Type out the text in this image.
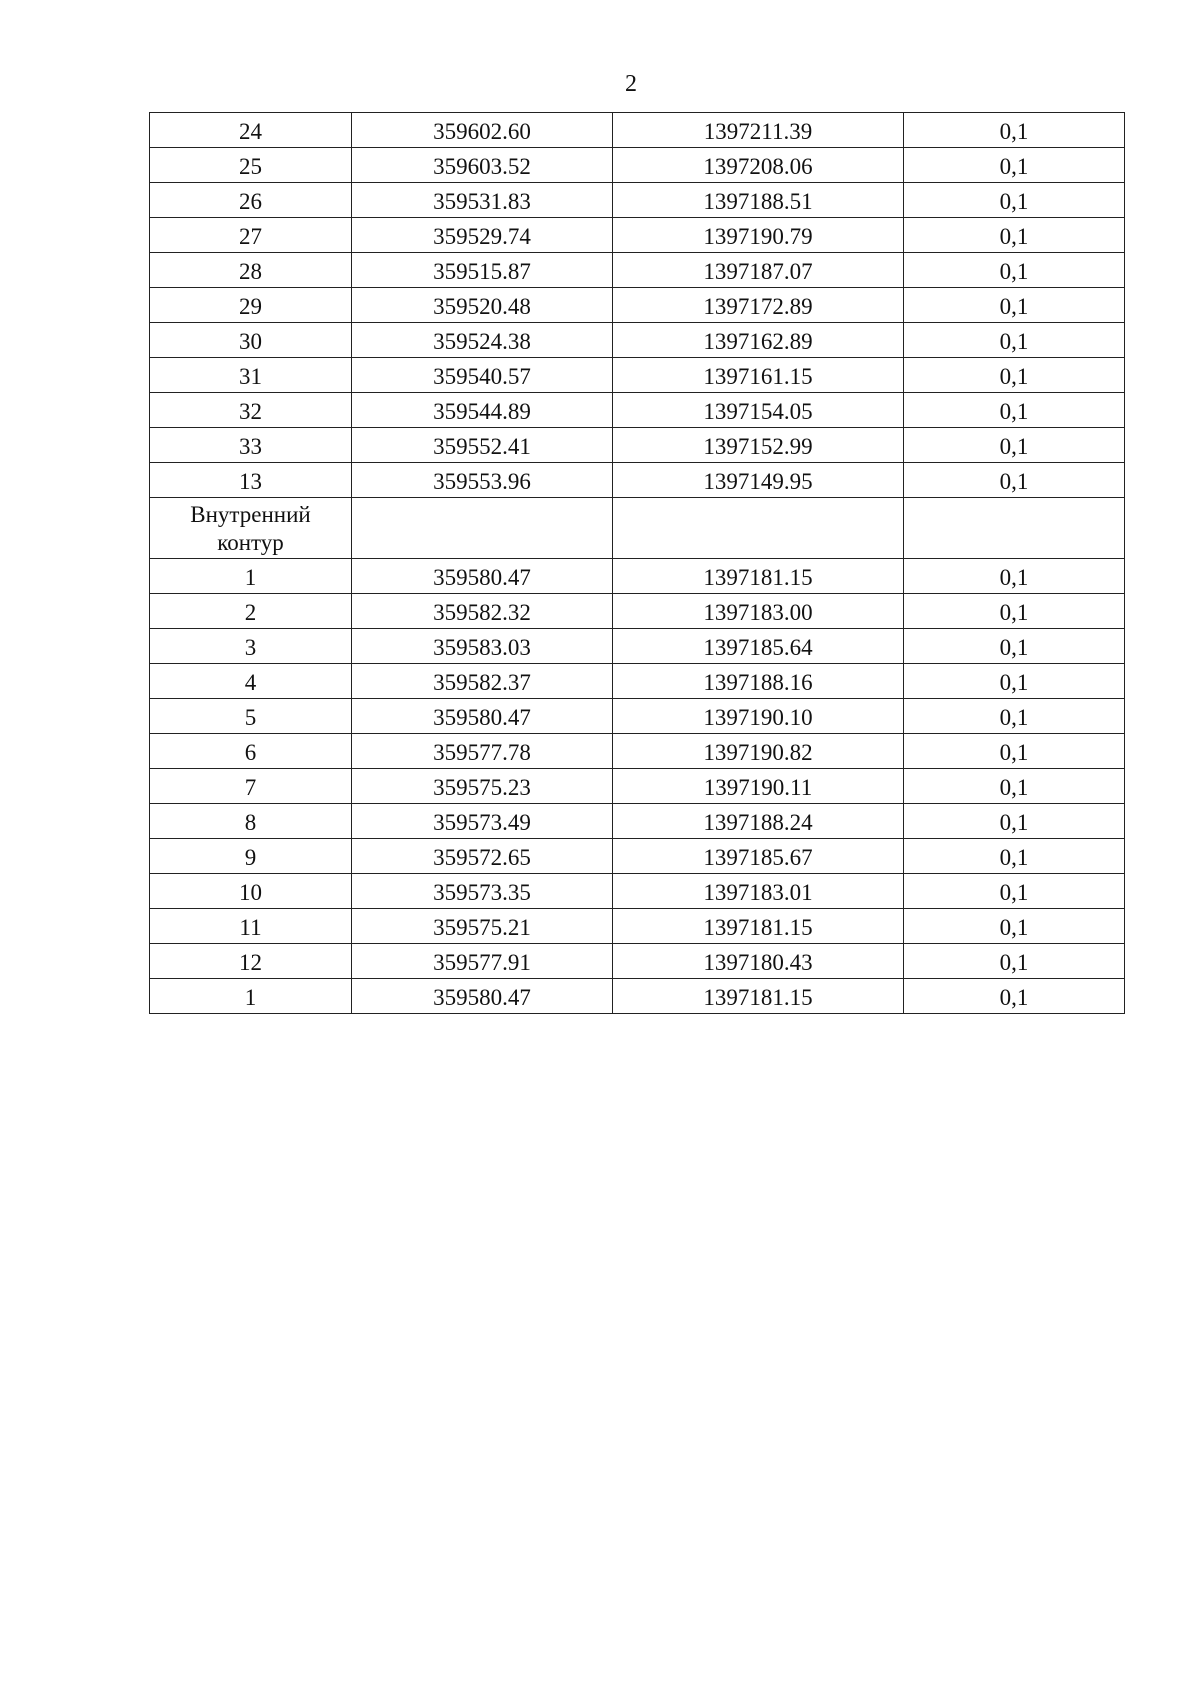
2
24	359602.60	1397211.39	0,1
25	359603.52	1397208.06	0,1
26	359531.83	1397188.51	0,1
27	359529.74	1397190.79	0,1
28	359515.87	1397187.07	0,1
29	359520.48	1397172.89	0,1
30	359524.38	1397162.89	0,1
31	359540.57	1397161.15	0,1
32	359544.89	1397154.05	0,1
33	359552.41	1397152.99	0,1
13	359553.96	1397149.95	0,1
Внутренний
контур			
1	359580.47	1397181.15	0,1
2	359582.32	1397183.00	0,1
3	359583.03	1397185.64	0,1
4	359582.37	1397188.16	0,1
5	359580.47	1397190.10	0,1
6	359577.78	1397190.82	0,1
7	359575.23	1397190.11	0,1
8	359573.49	1397188.24	0,1
9	359572.65	1397185.67	0,1
10	359573.35	1397183.01	0,1
11	359575.21	1397181.15	0,1
12	359577.91	1397180.43	0,1
1	359580.47	1397181.15	0,1
